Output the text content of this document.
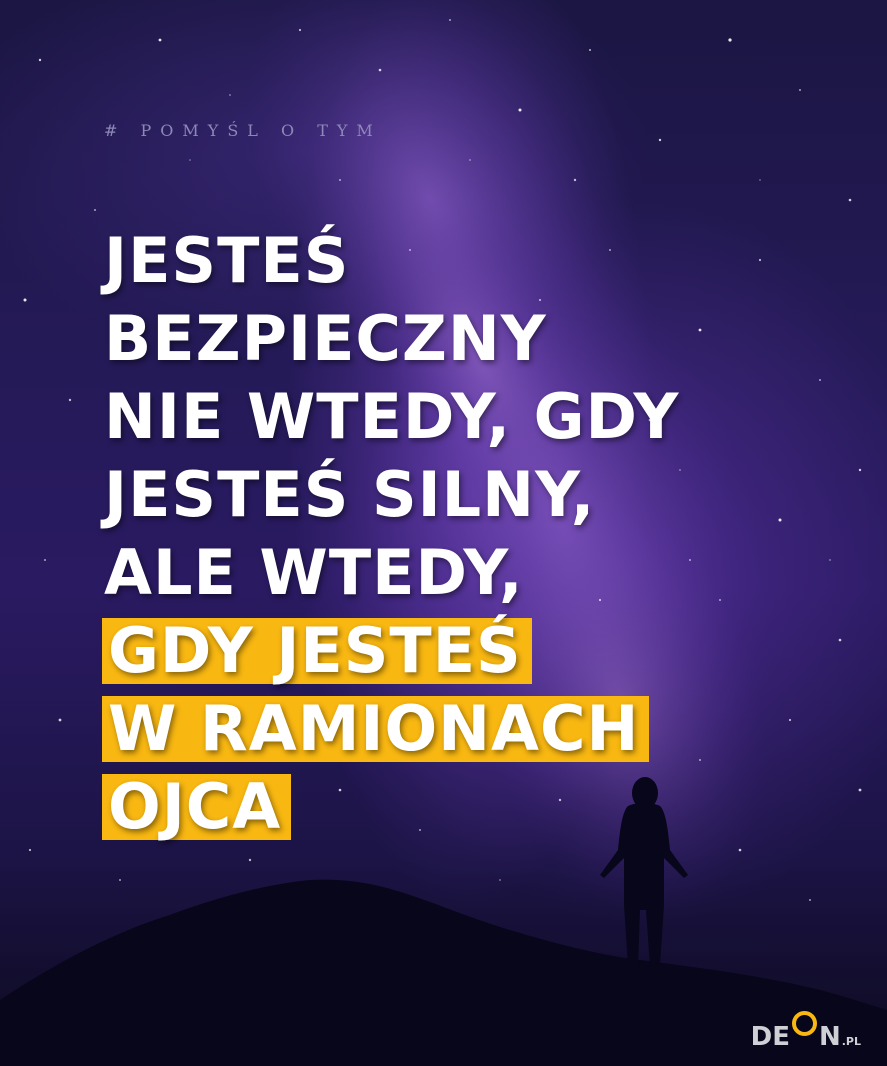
# POMYŚL O TYM

JESTEŚ
BEZPIECZNY
NIE WTEDY, GDY
JESTEŚ SILNY,
ALE WTEDY,
GDY JESTEŚ
W RAMIONACH
OJCA
DE N .PL
